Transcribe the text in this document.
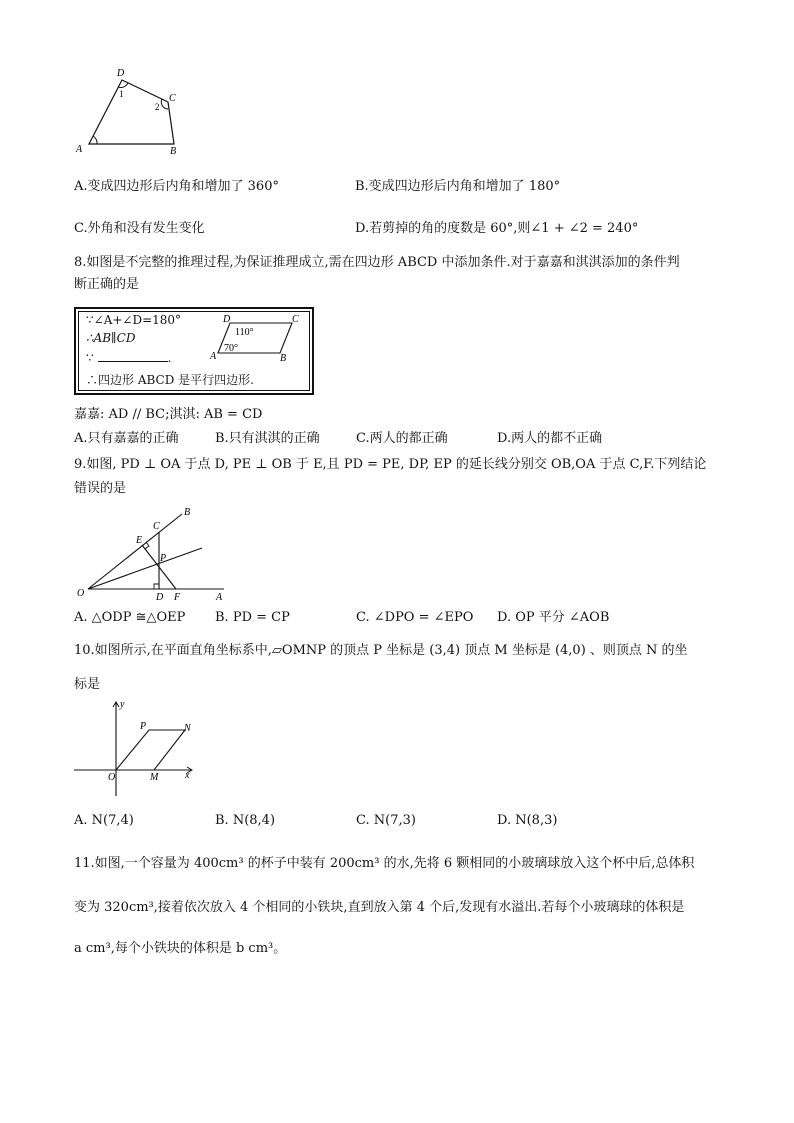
D
C
A	B
1
2
A.变成四边形后内角和增加了 360°	B.变成四边形后内角和增加了 180°
C.外角和没有发生变化	D.若剪掉的角的度数是 60°,则∠1 + ∠2 = 240°
8.如图是不完整的推理过程,为保证推理成立,需在四边形 ABCD 中添加条件.对于嘉嘉和淇淇添加的条件判
断正确的是
∵∠A+∠D=180°
∴AB∥CD
∵	.
∴四边形 ABCD 是平行四边形.
D	C
A	B
110°
70°
嘉嘉: AD // BC;淇淇: AB = CD
A.只有嘉嘉的正确	B.只有淇淇的正确	C.两人的都正确	D.两人的都不正确
9.如图, PD ⊥ OA 于点 D, PE ⊥ OB 于 E,且 PD = PE, DP, EP 的延长线分别交 OB,OA 于点 C,F.下列结论
错误的是
B
C
E
P
O	D F	A
A. △ODP ≅△OEP B. PD = CP	C. ∠DPO = ∠EPO D. OP 平分 ∠AOB
10.如图所示,在平面直角坐标系中,▱OMNP 的顶点 P 坐标是 (3,4) 顶点 M 坐标是 (4,0) 、则顶点 N 的坐
标是
y
x
P	N
O	M
A. N(7,4)	B. N(8,4)	C. N(7,3)	D. N(8,3)
11.如图,一个容量为 400cm³ 的杯子中装有 200cm³ 的水,先将 6 颗相同的小玻璃球放入这个杯中后,总体积
变为 320cm³,接着依次放入 4 个相同的小铁块,直到放入第 4 个后,发现有水溢出.若每个小玻璃球的体积是
a cm³,每个小铁块的体积是 b cm³。
